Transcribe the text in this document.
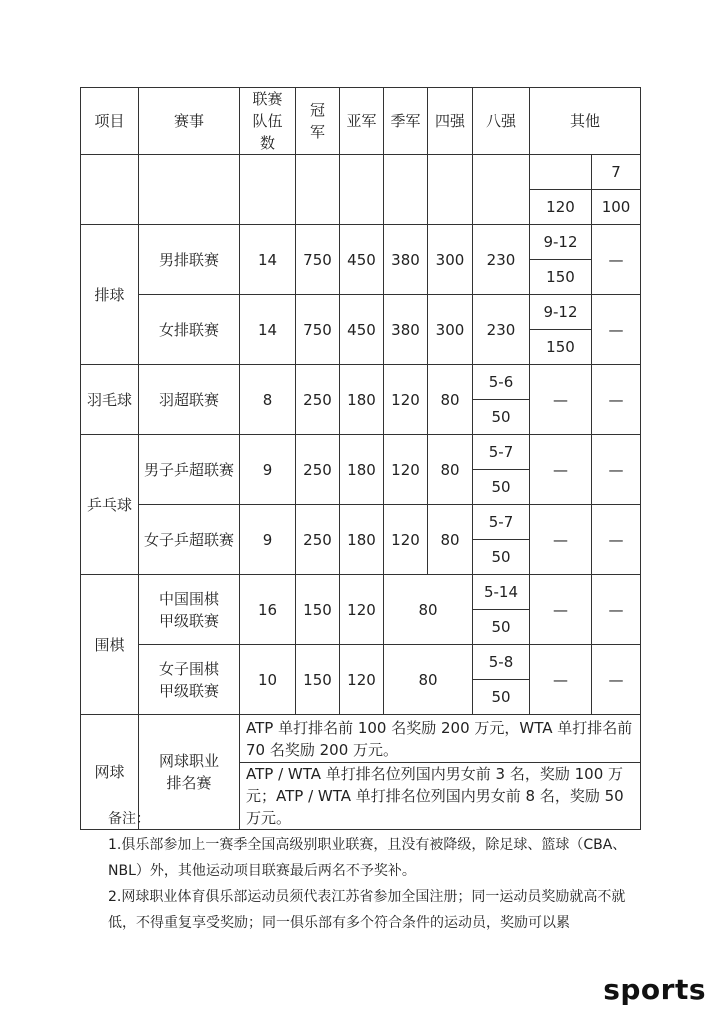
项目	赛事	联赛队伍数	冠军	亚军	季军	四强	八强	其他	
									7
								120	100
排球	男排联赛	14	750	450	380	300	230	9-12	—
								150	
	女排联赛	14	750	450	380	300	230	9-12	—
								150	
羽毛球	羽超联赛	8	250	180	120	80	5-6	—	—
							50		
乒乓球	男子乒超联赛	9	250	180	120	80	5-7	—	—
							50		
	女子乒超联赛	9	250	180	120	80	5-7	—	—
							50		
围棋	中国围棋甲级联赛	16	150	120	80		5-14	—	—
							50		
	女子围棋甲级联赛	10	150	120	80		5-8	—	—
							50		
网球	网球职业排名赛	ATP 单打排名前 100 名奖励 200 万元，WTA 单打排名前 70 名奖励 200 万元。							
		ATP / WTA 单打排名位列国内男女前 3 名，奖励 100 万元；ATP / WTA 单打排名位列国内男女前 8 名，奖励 50 万元。							

备注：

1.俱乐部参加上一赛季全国高级别职业联赛，且没有被降级，除足球、篮球（CBA、NBL）外，其他运动项目联赛最后两名不予奖补。

2.网球职业体育俱乐部运动员须代表江苏省参加全国注册；同一运动员奖励就高不就低，不得重复享受奖励；同一俱乐部有多个符合条件的运动员，奖励可以累

sports
